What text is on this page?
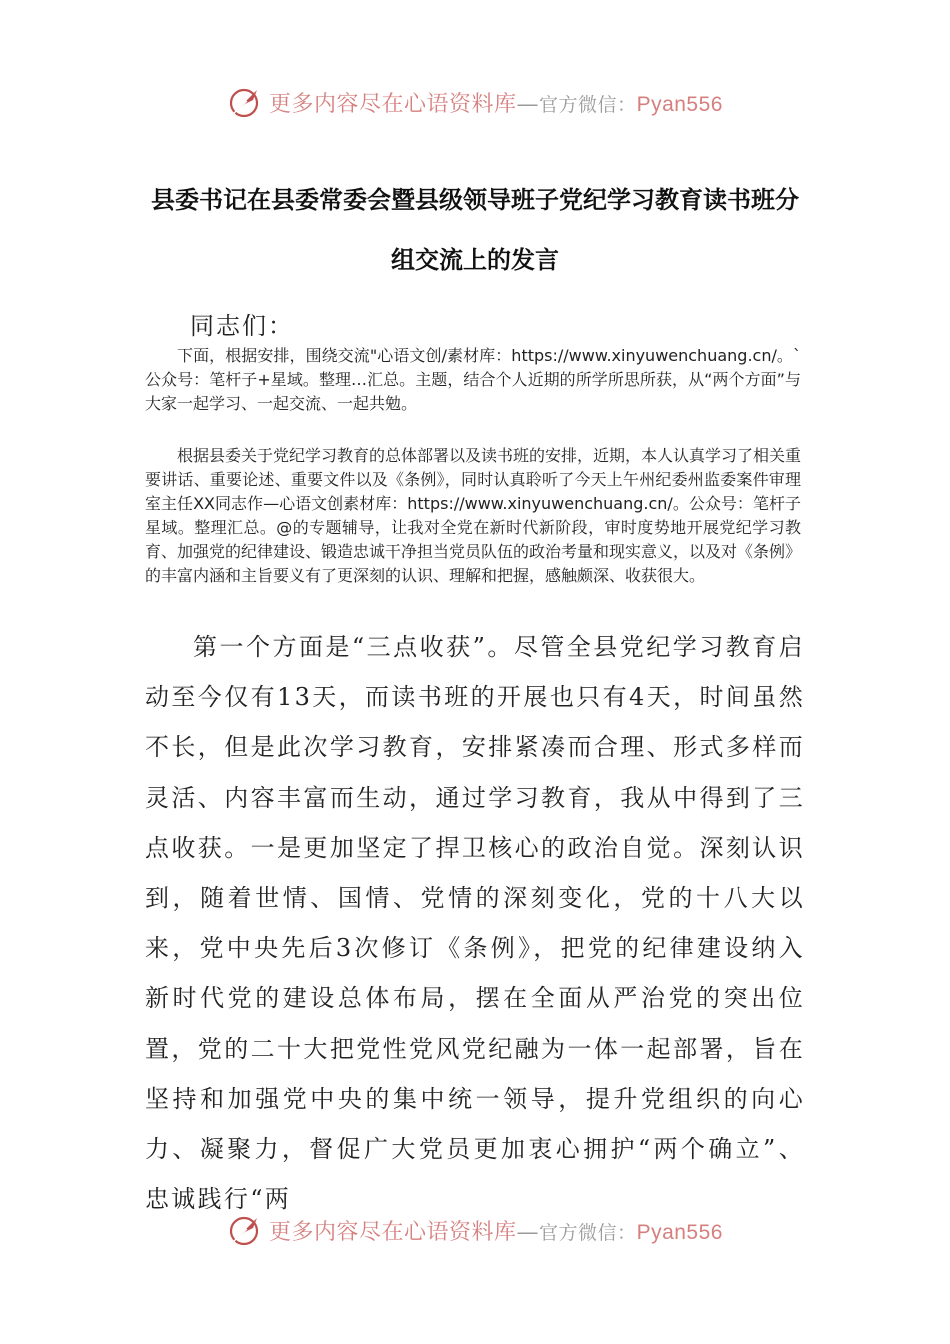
更多内容尽在心语资料库—官方微信：Pyan556
县委书记在县委常委会暨县级领导班子党纪学习教育读书班分组交流上的发言
同志们：

下面，根据安排，围绕交流"心语文创/素材库：https://www.xinyuwenchuang.cn/。`公众号：笔杆子+星域。整理…汇总。主题，结合个人近期的所学所思所获，从“两个方面”与大家一起学习、一起交流、一起共勉。

根据县委关于党纪学习教育的总体部署以及读书班的安排，近期，本人认真学习了相关重要讲话、重要论述、重要文件以及《条例》，同时认真聆听了今天上午州纪委州监委案件审理室主任XX同志作—心语文创素材库：https://www.xinyuwenchuang.cn/。公众号：笔杆子星域。整理汇总。@的专题辅导，让我对全党在新时代新阶段，审时度势地开展党纪学习教育、加强党的纪律建设、锻造忠诚干净担当党员队伍的政治考量和现实意义，以及对《条例》的丰富内涵和主旨要义有了更深刻的认识、理解和把握，感触颇深、收获很大。

第一个方面是“三点收获”。尽管全县党纪学习教育启动至今仅有13天，而读书班的开展也只有4天，时间虽然不长，但是此次学习教育，安排紧凑而合理、形式多样而灵活、内容丰富而生动，通过学习教育，我从中得到了三点收获。一是更加坚定了捍卫核心的政治自觉。深刻认识到，随着世情、国情、党情的深刻变化，党的十八大以来，党中央先后3次修订《条例》，把党的纪律建设纳入新时代党的建设总体布局，摆在全面从严治党的突出位置，党的二十大把党性党风党纪融为一体一起部署，旨在坚持和加强党中央的集中统一领导，提升党组织的向心力、凝聚力，督促广大党员更加衷心拥护“两个确立”、忠诚践行“两

更多内容尽在心语资料库—官方微信：Pyan556
